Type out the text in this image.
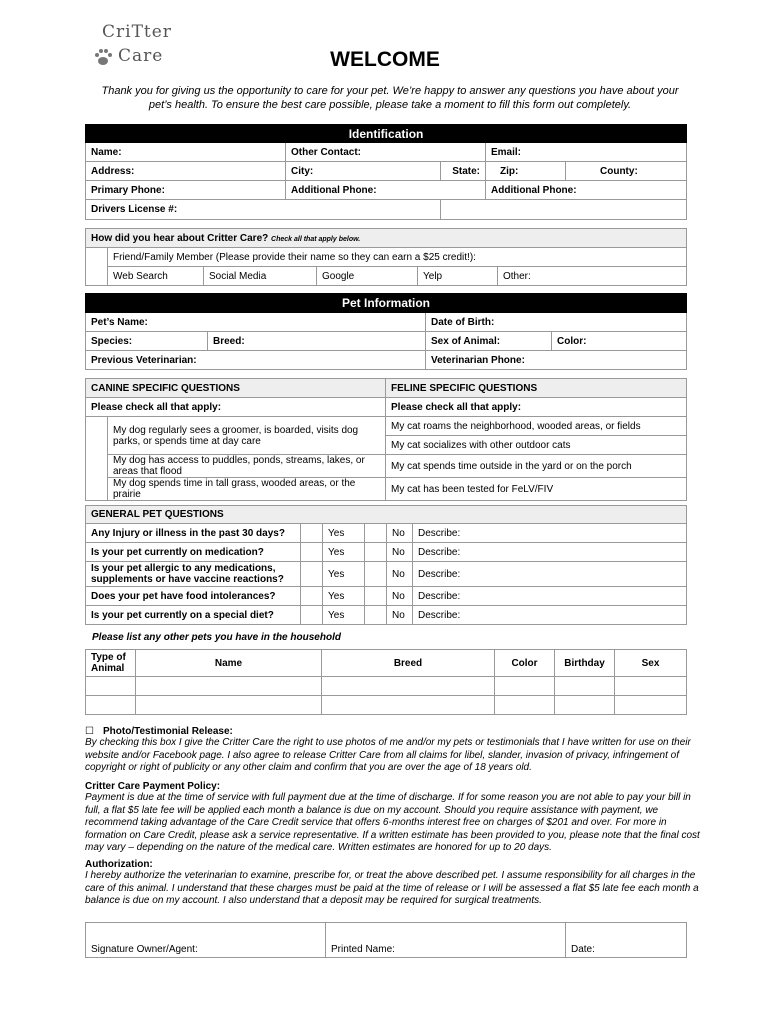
CriTter
Care	WELCOME
Thank you for giving us the opportunity to care for your pet. We’re happy to answer any questions you have about your pet’s health. To ensure the best care possible, please take a moment to fill this form out completely.
Identification				
Name:	Other Contact:		Email:	
Address:	City:	State:	Zip:	County:
Primary Phone:	Additional Phone:		Additional Phone:	
Drivers License #:				
How did you hear about Critter Care? Check all that apply below.					
	Friend/Family Member (Please provide their name so they can earn a $25 credit!):				
	Web Search	Social Media	Google	Yelp	Other:
Pet Information			
Pet’s Name:		Date of Birth:	
Species:	Breed:	Sex of Animal:	Color:
Previous Veterinarian:		Veterinarian Phone:	
CANINE SPECIFIC QUESTIONS		FELINE SPECIFIC QUESTIONS
Please check all that apply:		Please check all that apply:
	My dog regularly sees a groomer, is boarded, visits dog parks, or spends time at day care	My cat roams the neighborhood, wooded areas, or fields
		My cat socializes with other outdoor cats
	My dog has access to puddles, ponds, streams, lakes, or areas that flood	My cat spends time outside in the yard or on the porch
	My dog spends time in tall grass, wooded areas, or the prairie	My cat has been tested for FeLV/FIV
GENERAL PET QUESTIONS					
Any Injury or illness in the past 30 days?		Yes		No	Describe:
Is your pet currently on medication?		Yes		No	Describe:
Is your pet allergic to any medications, supplements or have vaccine reactions?		Yes		No	Describe:
Does your pet have food intolerances?		Yes		No	Describe:
Is your pet currently on a special diet?		Yes		No	Describe:
Please list any other pets you have in the household
Type of Animal	Name	Breed	Color	Birthday	Sex

☐ Photo/Testimonial Release:
By checking this box I give the Critter Care the right to use photos of me and/or my pets or testimonials that I have written for use on their website and/or Facebook page. I also agree to release Critter Care from all claims for libel, slander, invasion of privacy, infringement of copyright or right of publicity or any other claim and confirm that you are over the age of 18 years old.
Critter Care Payment Policy:
Payment is due at the time of service with full payment due at the time of discharge. If for some reason you are not able to pay your bill in full, a flat $5 late fee will be applied each month a balance is due on my account. Should you require assistance with payment, we recommend taking advantage of the Care Credit service that offers 6-months interest free on charges of $201 and over. For more in formation on Care Credit, please ask a service representative. If a written estimate has been provided to you, please note that the final cost may vary – depending on the nature of the medical care. Written estimates are honored for up to 20 days.
Authorization:
I hereby authorize the veterinarian to examine, prescribe for, or treat the above described pet. I assume responsibility for all charges in the care of this animal. I understand that these charges must be paid at the time of release or I will be assessed a flat $5 late fee each month a balance is due on my account. I also understand that a deposit may be required for surgical treatments.
Signature Owner/Agent:	Printed Name:	Date:
